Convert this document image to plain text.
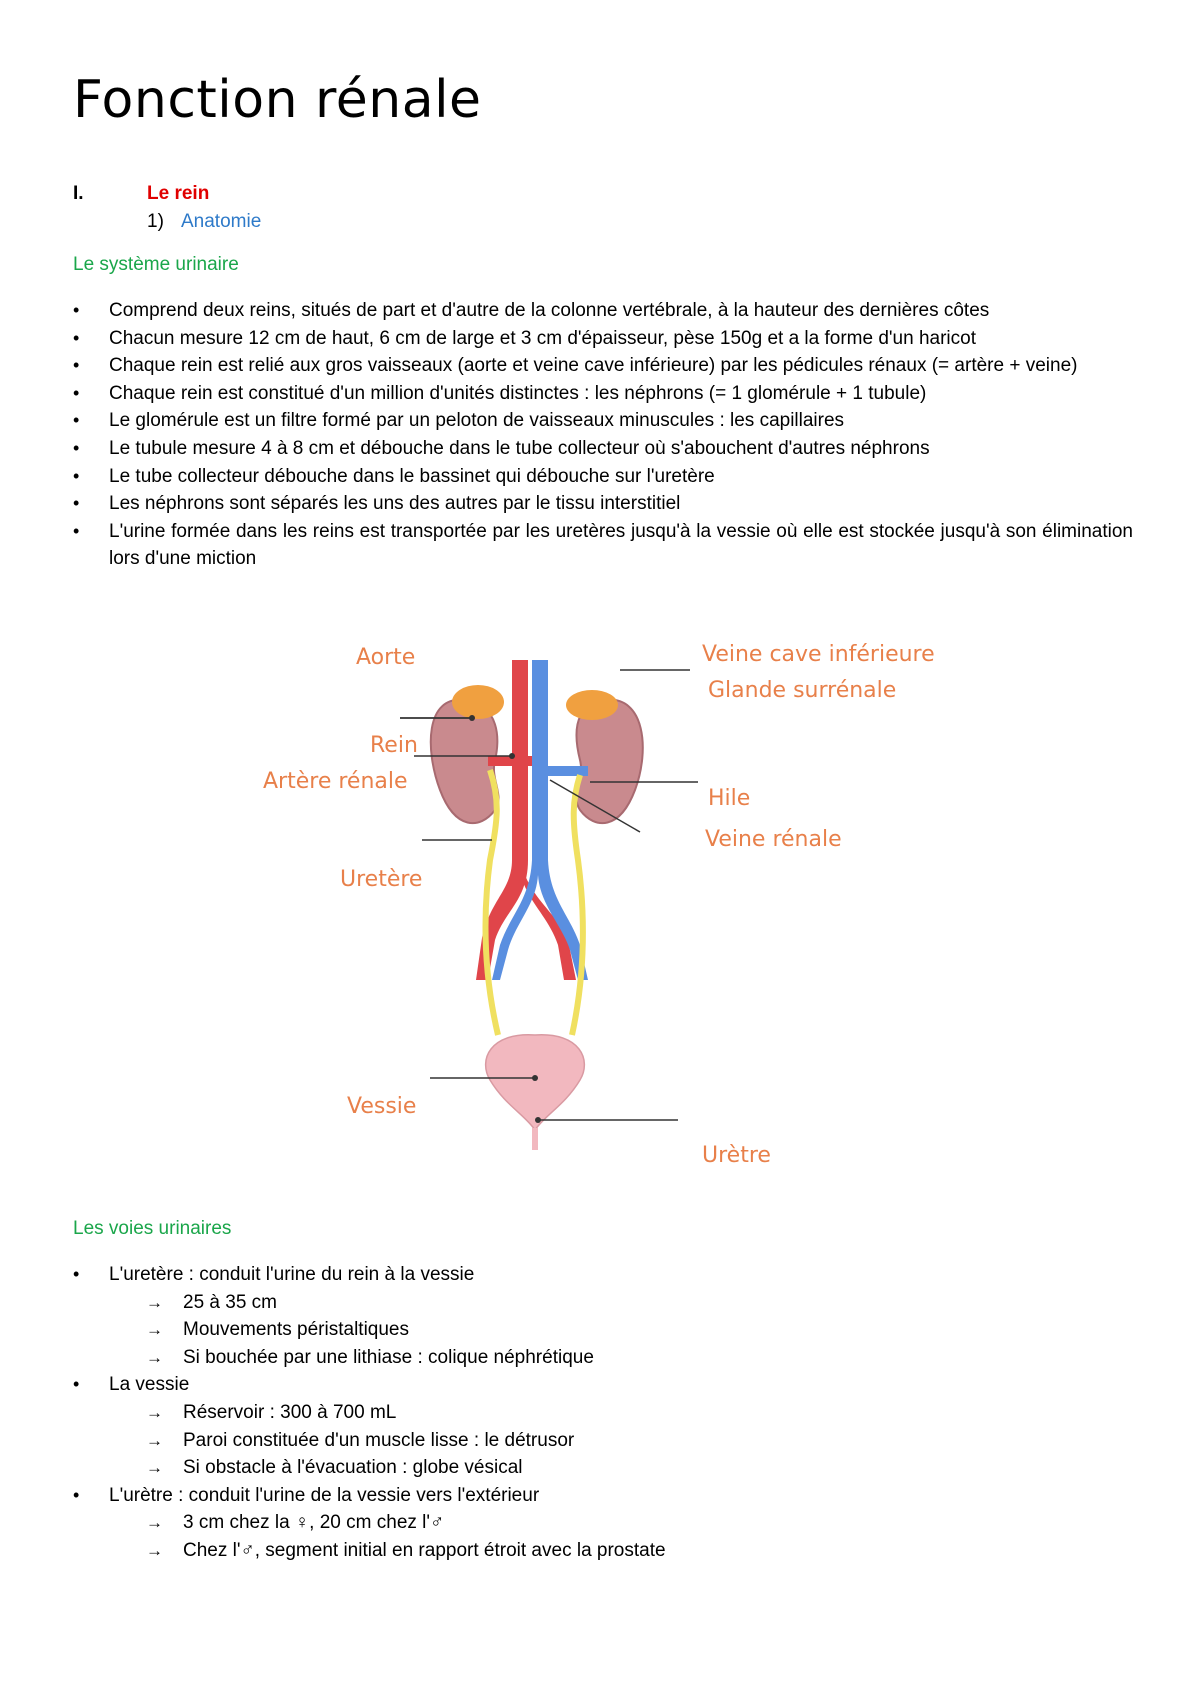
Fonction rénale
I.	Le rein
1) Anatomie
Le système urinaire
• Comprend deux reins, situés de part et d'autre de la colonne vertébrale, à la hauteur des dernières côtes
• Chacun mesure 12 cm de haut, 6 cm de large et 3 cm d'épaisseur, pèse 150g et a la forme d'un haricot
• Chaque rein est relié aux gros vaisseaux (aorte et veine cave inférieure) par les pédicules rénaux (= artère + veine)
• Chaque rein est constitué d'un million d'unités distinctes : les néphrons (= 1 glomérule + 1 tubule)
• Le glomérule est un filtre formé par un peloton de vaisseaux minuscules : les capillaires
• Le tubule mesure 4 à 8 cm et débouche dans le tube collecteur où s'abouchent d'autres néphrons
• Le tube collecteur débouche dans le bassinet qui débouche sur l'uretère
• Les néphrons sont séparés les uns des autres par le tissu interstitiel
• L'urine formée dans les reins est transportée par les uretères jusqu'à la vessie où elle est stockée jusqu'à son élimination lors d'une miction
Aorte
Rein
Artère rénale
Uretère
Vessie
Veine cave inférieure
Glande surrénale
Hile
Veine rénale
Urètre
Les voies urinaires
• L'uretère : conduit l'urine du rein à la vessie
→ 25 à 35 cm
→ Mouvements péristaltiques
→ Si bouchée par une lithiase : colique néphrétique
• La vessie
→ Réservoir : 300 à 700 mL
→ Paroi constituée d'un muscle lisse : le détrusor
→ Si obstacle à l'évacuation : globe vésical
• L'urètre : conduit l'urine de la vessie vers l'extérieur
→ 3 cm chez la ♀, 20 cm chez l'♂
→ Chez l'♂, segment initial en rapport étroit avec la prostate
